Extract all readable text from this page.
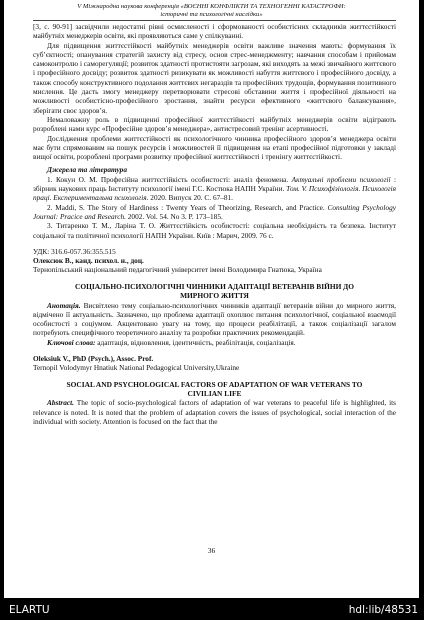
V Міжнародна наукова конференція «ВОЄННІ КОНФЛІКТИ ТА ТЕХНОГЕННІ КАТАСТРОФИ:
історичні та психологічні наслідки»

[3, с. 90-91] засвідчили недостатні рівні осмисленості і сформованості особистісних складників життєстійкості майбутніх менеджерів освіти, які проявляються саме у спілкуванні.

Для підвищення життєстійкості майбутніх менеджерів освіти важливе значення мають: формування їх суб’єктності; опанування стратегій захисту від стресу, основ стрес-менеджменту; навчання способам і прийомам самоконтролю і саморегуляції; розвиток здатності протистояти загрозам, які виходять за межі звичайного життєвого і професійного досвіду; розвиток здатності ризикувати як можливості набуття життєвого і професійного досвіду, а також способу конструктивного подолання життєвих негараздів та професійних трудощів, формування позитивного мислення. Це дасть змогу менеджеру перетворювати стресові обставини життя і професійної діяльності на можливості особистісно-професійного зростання, знайти ресурси ефективного «життєвого балансування», зберігати своє здоров’я.

Немаловажну роль в підвищенні професійної життєстійкості майбутніх менеджерів освіти відіграють розроблені нами курс «Професійне здоров’я менеджера», антистресовий тренінг асертивності.

Дослідження проблеми життєстійкості як психологічного чинника професійного здоров’я менеджера освіти має бути спрямованим на пошук ресурсів і можливостей її підвищення на етапі професійної підготовки у закладі вищої освіти, розроблені програми розвитку професійної життєстійкості і тренінгу життєстійкості.

Джерела та література

1. Кокун О. М. Професійна життєстійкість особистості: аналіз феномена. Актуальні проблеми психології : збірник наукових праць Інституту психології імені Г.С. Костюка НАПН України. Том. V. Психофізіологія. Психологія праці. Експериментальна психологія. 2020. Випуск 20. С. 67–81.

2. Maddi, S. The Story of Hardiness : Twenty Years of Theorizing, Research, and Practice. Consulting Psychology Journal: Pracice and Research. 2002. Vol. 54. No 3. P. 173–185.

3. Титаренко Т. М., Ларіна Т. О. Життєстійкість особистості: соціальна необхідність та безпека. Інститут соціальної та політичної психології НАПН України. Київ : Марич, 2009. 76 с.

УДК: 316.6-057.36:355.515

Олексюк В., канд. психол. н., доц.

Тернопільський національний педагогічний університет імені Володимира Гнатюка, Україна

СОЦІАЛЬНО-ПСИХОЛОГІЧНІ ЧИННИКИ АДАПТАЦІЇ ВЕТЕРАНІВ ВІЙНИ ДО
МИРНОГО ЖИТТЯ

Анотація. Висвітлено тему соціально-психологічних чинників адаптації ветеранів війни до мирного життя, відмічено її актуальність. Зазначено, що проблема адаптації охоплює питання психологічної, соціальної взаємодії особистості з соціумом. Акцентовано увагу на тому, що процеси реабілітації, а також соціалізації загалом потребують специфічного теоретичного аналізу та розробки практичних рекомендацій.

Ключові слова: адаптація, відновлення, ідентичність, реабілітація, соціалізація.

Oleksiuk V., PhD (Psych.), Assoc. Prof.

Ternopil Volodymyr Hnatiuk National Pedagogical University,Ukraine

SOCIAL AND PSYCHOLOGICAL FACTORS OF ADAPTATION OF WAR VETERANS TO
CIVILIAN LIFE

Abstract. The topic of socio-psychological factors of adaptation of war veterans to peaceful life is highlighted, its relevance is noted. It is noted that the problem of adaptation covers the issues of psychological, social interaction of the individual with society. Attention is focused on the fact that the

36
ELARTU	hdl:lib/48531
